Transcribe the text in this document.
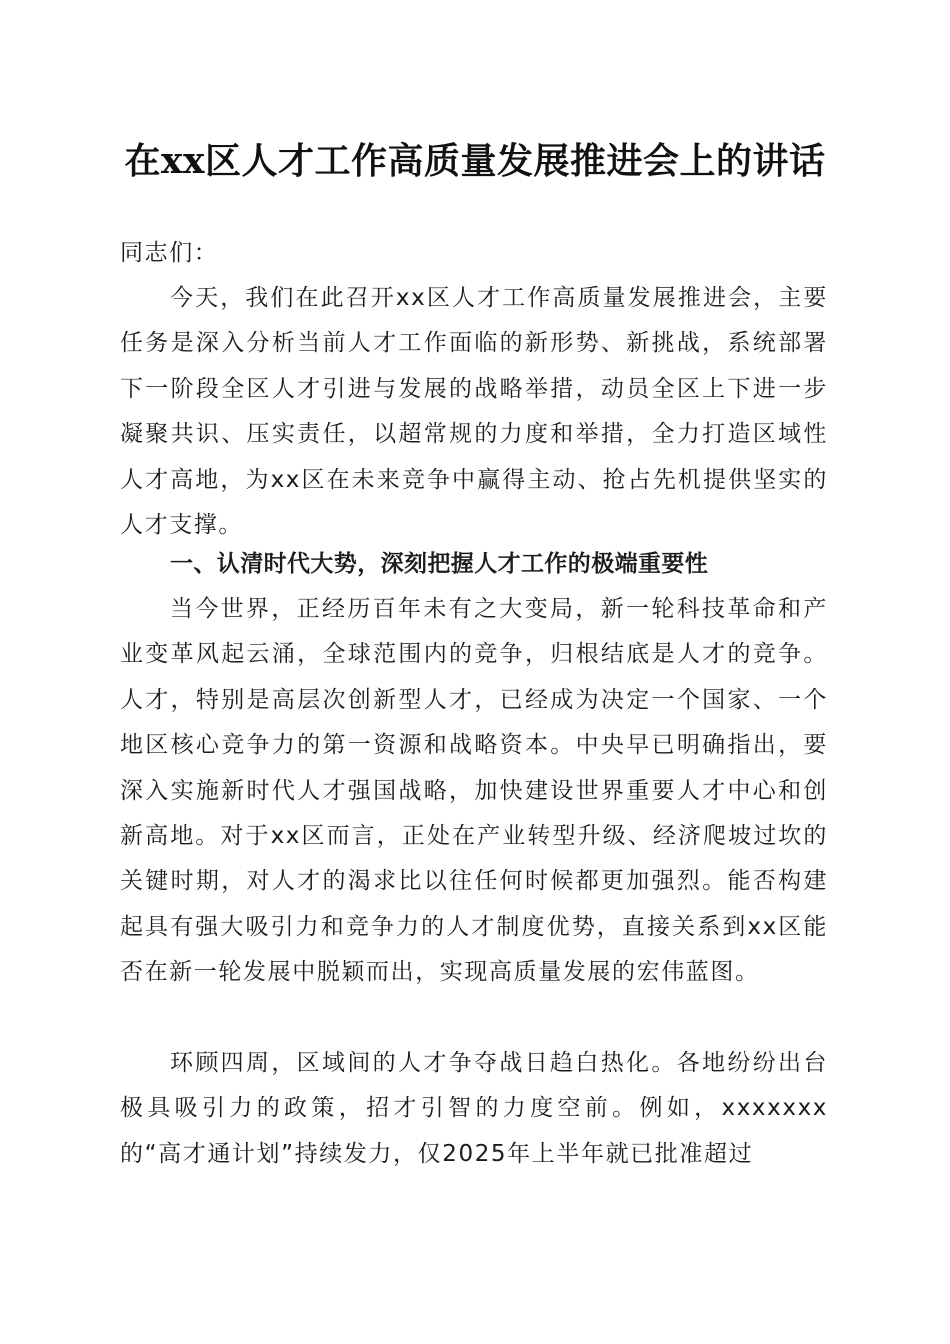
在xx区人才工作高质量发展推进会上的讲话
同志们：

今天，我们在此召开xx区人才工作高质量发展推进会，主要任务是深入分析当前人才工作面临的新形势、新挑战，系统部署下一阶段全区人才引进与发展的战略举措，动员全区上下进一步凝聚共识、压实责任，以超常规的力度和举措，全力打造区域性人才高地，为xx区在未来竞争中赢得主动、抢占先机提供坚实的人才支撑。

一、认清时代大势，深刻把握人才工作的极端重要性

当今世界，正经历百年未有之大变局，新一轮科技革命和产业变革风起云涌，全球范围内的竞争，归根结底是人才的竞争。人才，特别是高层次创新型人才，已经成为决定一个国家、一个地区核心竞争力的第一资源和战略资本。中央早已明确指出，要深入实施新时代人才强国战略，加快建设世界重要人才中心和创新高地。对于xx区而言，正处在产业转型升级、经济爬坡过坎的关键时期，对人才的渴求比以往任何时候都更加强烈。能否构建起具有强大吸引力和竞争力的人才制度优势，直接关系到xx区能否在新一轮发展中脱颖而出，实现高质量发展的宏伟蓝图。

环顾四周，区域间的人才争夺战日趋白热化。各地纷纷出台极具吸引力的政策，招才引智的力度空前。例如，xxxxxxx的“高才通计划”持续发力，仅2025年上半年就已批准超过
